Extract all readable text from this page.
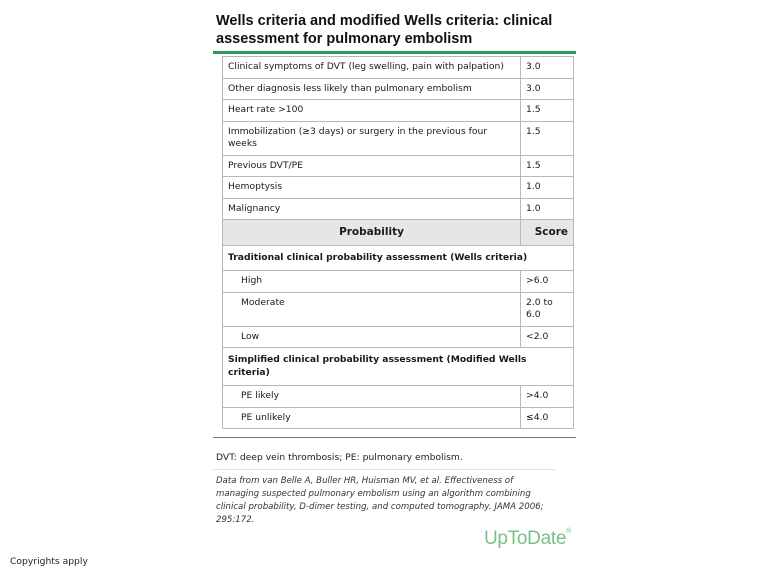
Wells criteria and modified Wells criteria: clinical assessment for pulmonary embolism
Clinical symptoms of DVT (leg swelling, pain with palpation)	3.0
Other diagnosis less likely than pulmonary embolism	3.0
Heart rate >100	1.5
Immobilization (≥3 days) or surgery in the previous four weeks	1.5
Previous DVT/PE	1.5
Hemoptysis	1.0
Malignancy	1.0
Probability	Score
Traditional clinical probability assessment (Wells criteria)	
High	>6.0
Moderate	2.0 to 6.0
Low	<2.0
Simplified clinical probability assessment (Modified Wells criteria)	
PE likely	>4.0
PE unlikely	≤4.0
DVT: deep vein thrombosis; PE: pulmonary embolism.
Data from van Belle A, Buller HR, Huisman MV, et al. Effectiveness of managing suspected pulmonary embolism using an algorithm combining clinical probability, D-dimer testing, and computed tomography. JAMA 2006; 295:172.
UpToDate®
Copyrights apply
